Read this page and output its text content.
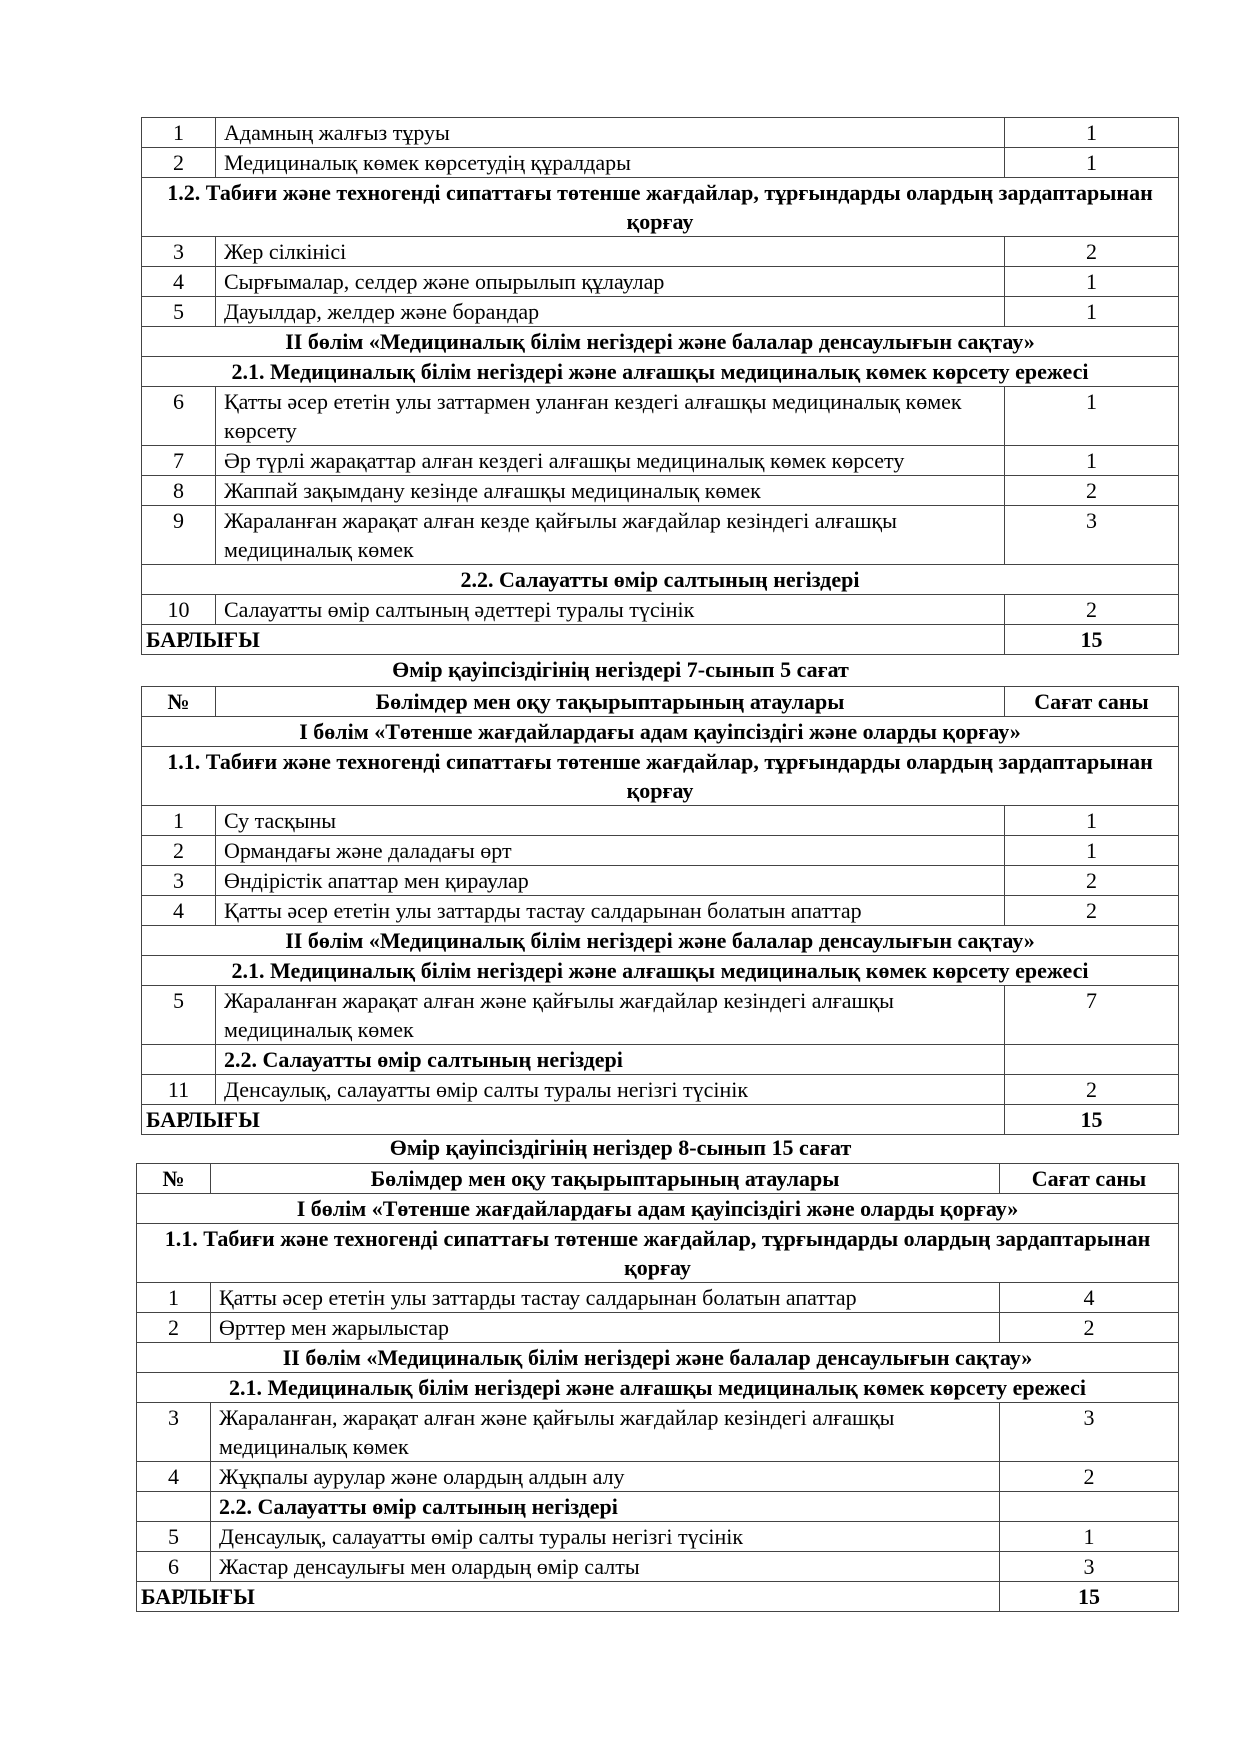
1	Адамның жалғыз тұруы	1
2	Медициналық көмек көрсетудің құралдары	1
1.2. Табиғи және техногенді сипаттағы төтенше жағдайлар, тұрғындарды олардың зардаптарынан қорғау		
3	Жер сілкінісі	2
4	Сырғымалар, селдер және опырылып құлаулар	1
5	Дауылдар, желдер және борандар	1
ІІ бөлім «Медициналық білім негіздері және балалар денсаулығын сақтау»		
2.1. Медициналық білім негіздері және алғашқы медициналық көмек көрсету ережесі		
6	Қатты әсер ететін улы заттармен уланған кездегі алғашқы медициналық көмек көрсету	1
7	Әр түрлі жарақаттар алған кездегі алғашқы медициналық көмек көрсету	1
8	Жаппай зақымдану кезінде алғашқы медициналық көмек	2
9	Жараланған жарақат алған кезде қайғылы жағдайлар кезіндегі алғашқы медициналық көмек	3
2.2. Салауатты өмір салтының негіздері		
10	Салауатты өмір салтының әдеттері туралы түсінік	2
БАРЛЫҒЫ		15
Өмір қауіпсіздігінің негіздері 7-сынып 5 сағат
№	Бөлімдер мен оқу тақырыптарының атаулары	Сағат саны
І бөлім «Төтенше жағдайлардағы адам қауіпсіздігі және оларды қорғау»		
1.1. Табиғи және техногенді сипаттағы төтенше жағдайлар, тұрғындарды олардың зардаптарынан қорғау		
1	Су тасқыны	1
2	Ормандағы және даладағы өрт	1
3	Өндірістік апаттар мен қираулар	2
4	Қатты әсер ететін улы заттарды тастау салдарынан болатын апаттар	2
ІІ бөлім «Медициналық білім негіздері және балалар денсаулығын сақтау»		
2.1. Медициналық білім негіздері және алғашқы медициналық көмек көрсету ережесі		
5	Жараланған жарақат алған және қайғылы жағдайлар кезіндегі алғашқы медициналық көмек	7
	2.2. Салауатты өмір салтының негіздері	
11	Денсаулық, салауатты өмір салты туралы негізгі түсінік	2
БАРЛЫҒЫ		15
Өмір қауіпсіздігінің негіздер 8-сынып 15 сағат
№	Бөлімдер мен оқу тақырыптарының атаулары	Сағат саны
І бөлім «Төтенше жағдайлардағы адам қауіпсіздігі және оларды қорғау»		
1.1. Табиғи және техногенді сипаттағы төтенше жағдайлар, тұрғындарды олардың зардаптарынан қорғау		
1	Қатты әсер ететін улы заттарды тастау салдарынан болатын апаттар	4
2	Өрттер мен жарылыстар	2
ІІ бөлім «Медициналық білім негіздері және балалар денсаулығын сақтау»		
2.1. Медициналық білім негіздері және алғашқы медициналық көмек көрсету ережесі		
3	Жараланған, жарақат алған және қайғылы жағдайлар кезіндегі алғашқы медициналық көмек	3
4	Жұқпалы аурулар және олардың алдын алу	2
	2.2. Салауатты өмір салтының негіздері	
5	Денсаулық, салауатты өмір салты туралы негізгі түсінік	1
6	Жастар денсаулығы мен олардың өмір салты	3
БАРЛЫҒЫ		15
